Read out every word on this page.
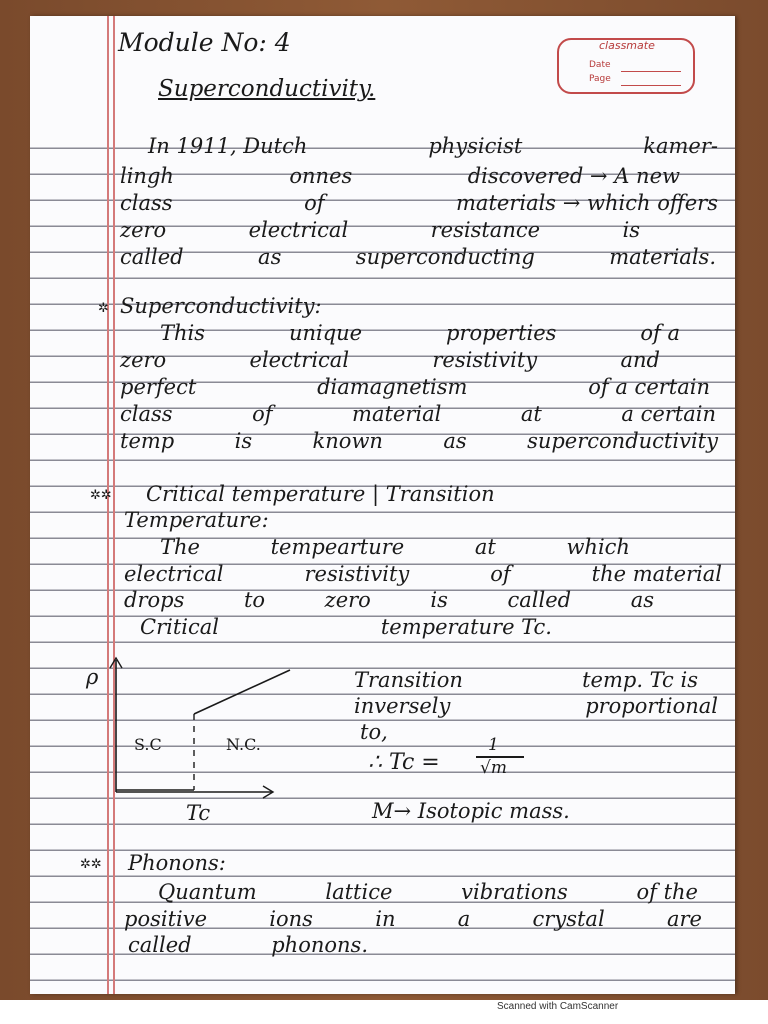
Module No: 4

Superconductivity.

classmate
Date
Page
In 1911, Dutch	physicist	kamer-
lingh	onnes	discovered → A new
class	of	materials → which offers
zero	electrical	resistance	is
called	as	superconducting	materials.
✲ Superconductivity:

This	unique	properties	of a
zero	electrical	resistivity	and
perfect	diamagnetism	of a certain
class	of	material	at	a certain
temp	is	known	as	superconductivity
✲✲ Critical temperature | Transition

Temperature:

The	tempearture	at	which
electrical	resistivity	of	the material
drops	to	zero	is	called	as
Critical	temperature Tc.

ρ

S.C	N.C.

Tc

Transition	temp. Tc is
inversely	proportional

to,

∴ Tc =

1

√m

M→ Isotopic mass.

✲✲ Phonons:

Quantum	lattice	vibrations	of the
positive	ions	in	a	crystal	are
called	phonons.
Scanned with CamScanner
